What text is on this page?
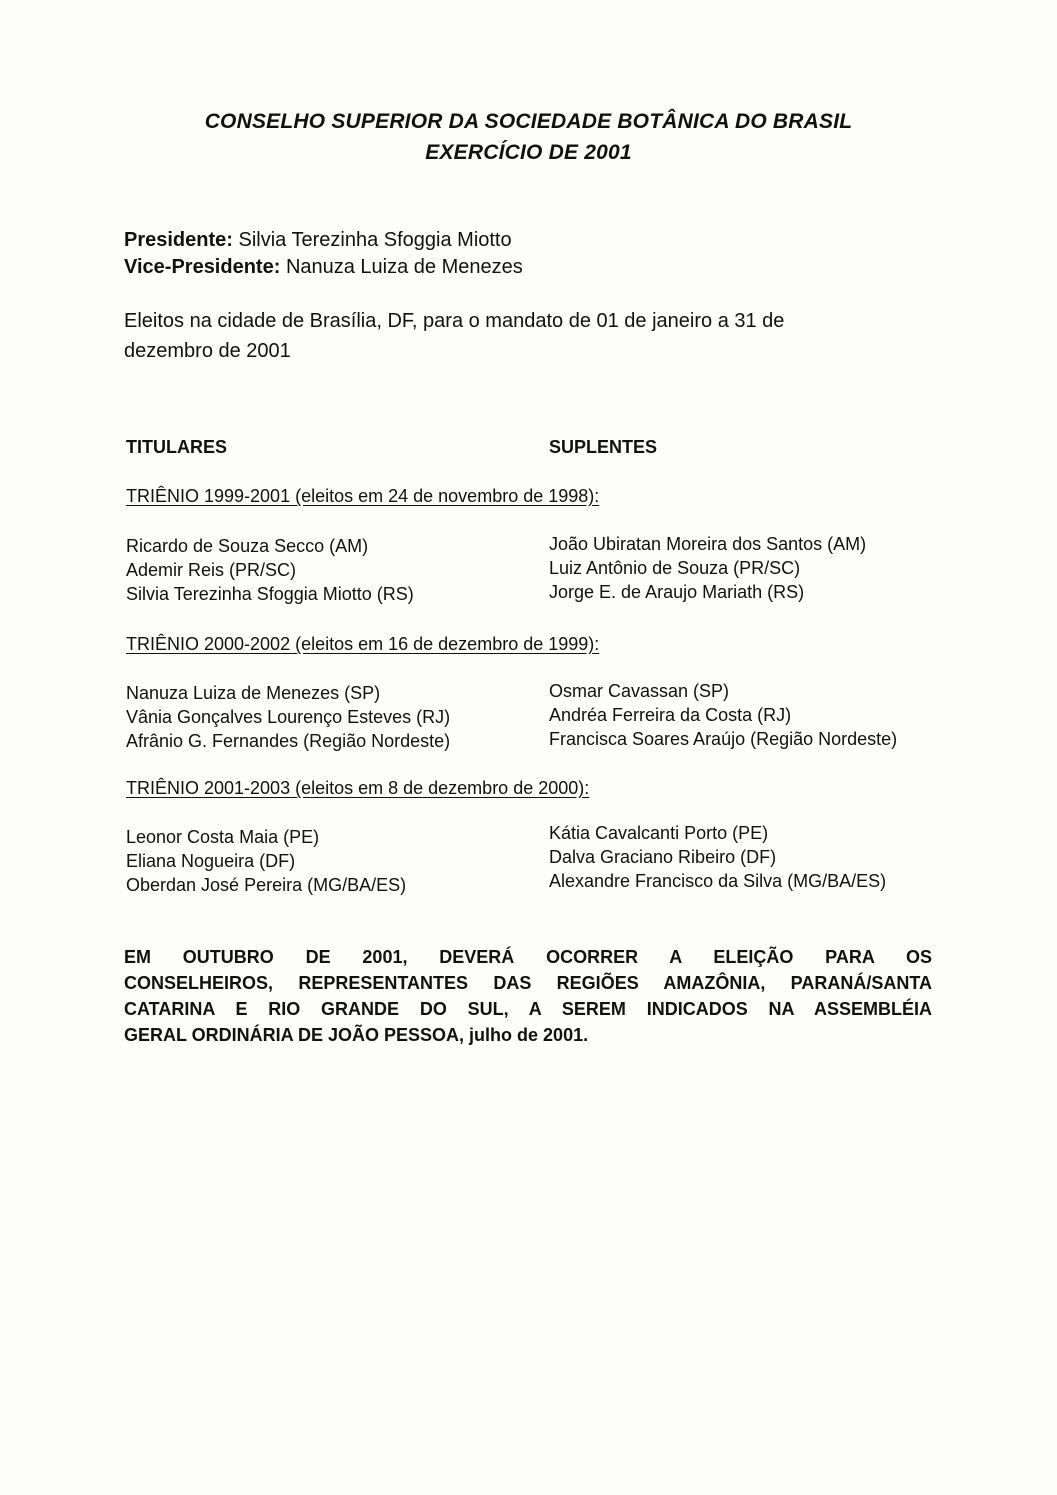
CONSELHO SUPERIOR DA SOCIEDADE BOTÂNICA DO BRASIL
EXERCÍCIO DE 2001
Presidente: Silvia Terezinha Sfoggia Miotto
Vice-Presidente: Nanuza Luiza de Menezes
Eleitos na cidade de Brasília, DF, para o mandato de 01 de janeiro a 31 de
dezembro de 2001
TITULARES	SUPLENTES
TRIÊNIO 1999-2001 (eleitos em 24 de novembro de 1998):
Ricardo de Souza Secco (AM)
Ademir Reis (PR/SC)
Silvia Terezinha Sfoggia Miotto (RS)
João Ubiratan Moreira dos Santos (AM)
Luiz Antônio de Souza (PR/SC)
Jorge E. de Araujo Mariath (RS)
TRIÊNIO 2000-2002 (eleitos em 16 de dezembro de 1999):
Nanuza Luiza de Menezes (SP)
Vânia Gonçalves Lourenço Esteves (RJ)
Afrânio G. Fernandes (Região Nordeste)
Osmar Cavassan (SP)
Andréa Ferreira da Costa (RJ)
Francisca Soares Araújo (Região Nordeste)
TRIÊNIO 2001-2003 (eleitos em 8 de dezembro de 2000):
Leonor Costa Maia (PE)
Eliana Nogueira (DF)
Oberdan José Pereira (MG/BA/ES)
Kátia Cavalcanti Porto (PE)
Dalva Graciano Ribeiro (DF)
Alexandre Francisco da Silva (MG/BA/ES)
EM OUTUBRO DE 2001, DEVERÁ OCORRER A ELEIÇÃO PARA OS
CONSELHEIROS, REPRESENTANTES DAS REGIÕES AMAZÔNIA, PARANÁ/SANTA
CATARINA E RIO GRANDE DO SUL, A SEREM INDICADOS NA ASSEMBLÉIA
GERAL ORDINÁRIA DE JOÃO PESSOA, julho de 2001.
